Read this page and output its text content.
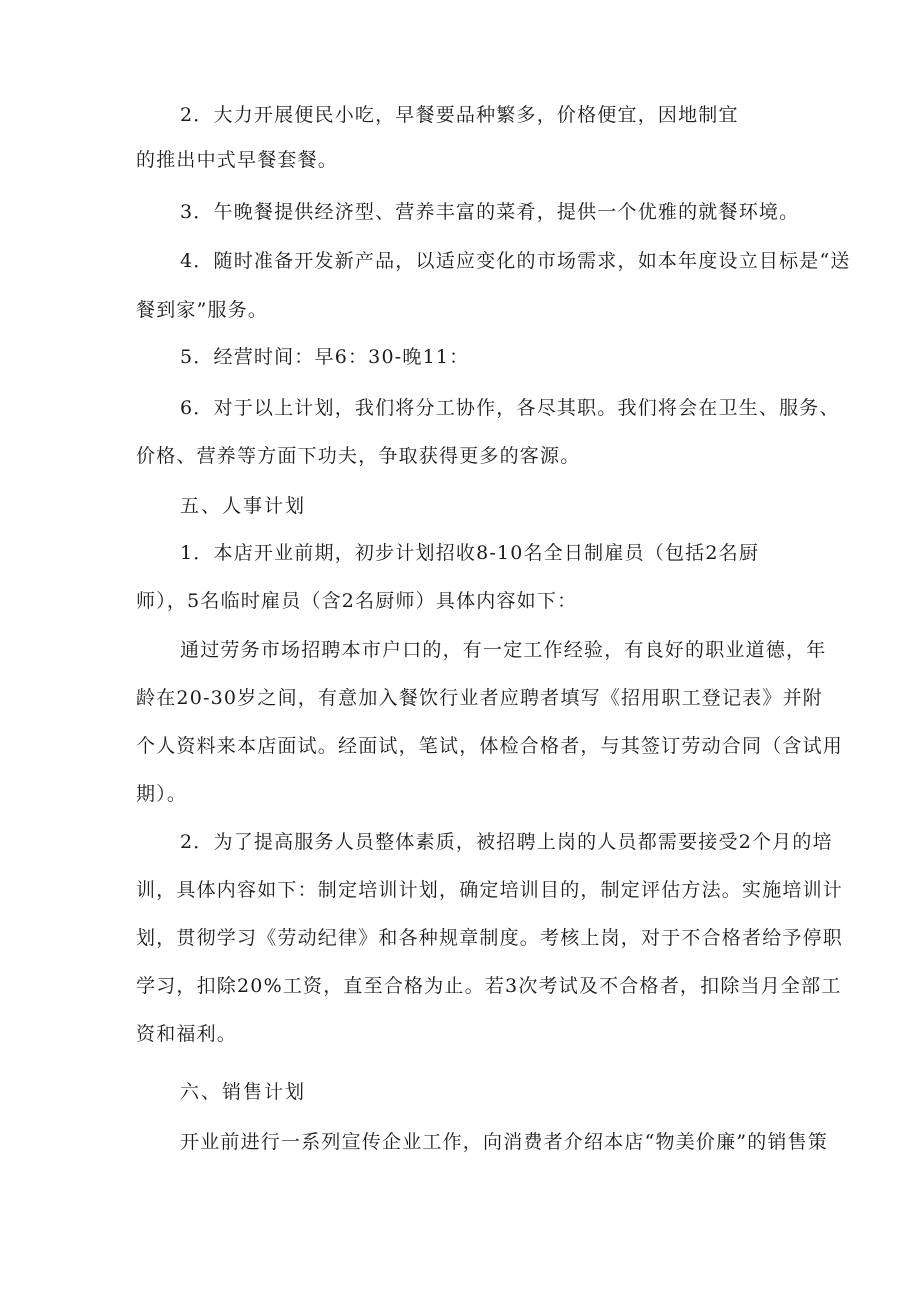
2．大力开展便民小吃，早餐要品种繁多，价格便宜，因地制宜
的推出中式早餐套餐。
3．午晚餐提供经济型、营养丰富的菜肴，提供一个优雅的就餐环境。
4．随时准备开发新产品，以适应变化的市场需求，如本年度设立目标是“送
餐到家”服务。
5．经营时间：早6：30-晚11：
6．对于以上计划，我们将分工协作，各尽其职。我们将会在卫生、服务、
价格、营养等方面下功夫，争取获得更多的客源。
五、人事计划
1．本店开业前期，初步计划招收8-10名全日制雇员（包括2名厨
师），5名临时雇员（含2名厨师）具体内容如下：
通过劳务市场招聘本市户口的，有一定工作经验，有良好的职业道德，年
龄在20-30岁之间，有意加入餐饮行业者应聘者填写《招用职工登记表》并附
个人资料来本店面试。经面试，笔试，体检合格者，与其签订劳动合同（含试用
期）。
2．为了提高服务人员整体素质，被招聘上岗的人员都需要接受2个月的培
训，具体内容如下：制定培训计划，确定培训目的，制定评估方法。实施培训计
划，贯彻学习《劳动纪律》和各种规章制度。考核上岗，对于不合格者给予停职
学习，扣除20%工资，直至合格为止。若3次考试及不合格者，扣除当月全部工
资和福利。
六、销售计划
开业前进行一系列宣传企业工作，向消费者介绍本店“物美价廉”的销售策
